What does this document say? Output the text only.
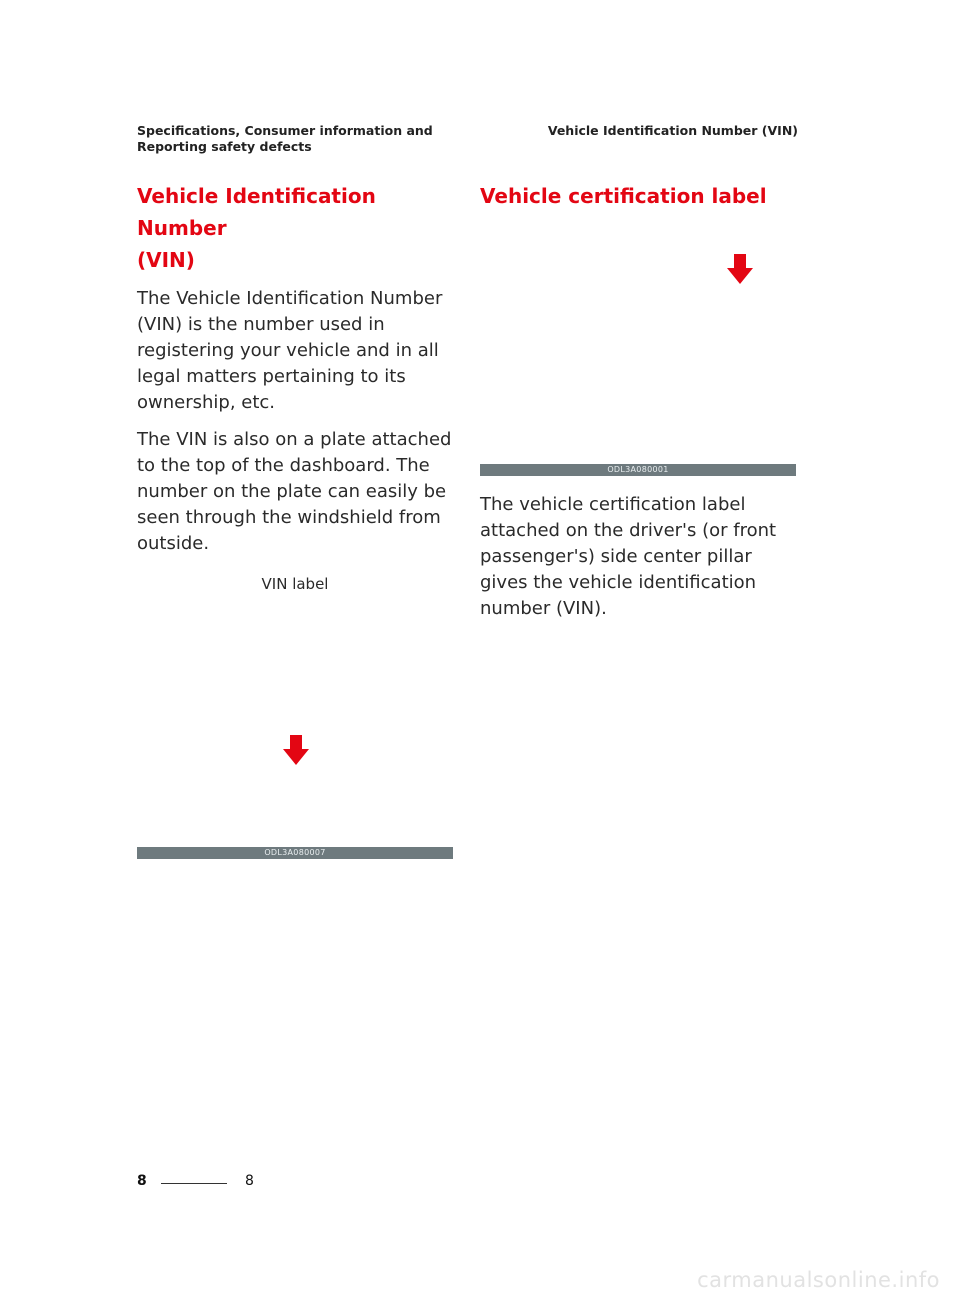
Specifications, Consumer information and
Reporting safety defects
Vehicle Identification Number (VIN)
Vehicle Identification Number
(VIN)

The Vehicle Identification Number (VIN) is the number used in registering your vehicle and in all legal matters pertaining to its ownership, etc.

The VIN is also on a plate attached to the top of the dashboard. The number on the plate can easily be seen through the windshield from outside.

VIN label
ODL3A080007
Vehicle certification label
ODL3A080001

The vehicle certification label attached on the driver's (or front passenger's) side center pillar gives the vehicle identification number (VIN).

8	8
carmanualsonline.info
